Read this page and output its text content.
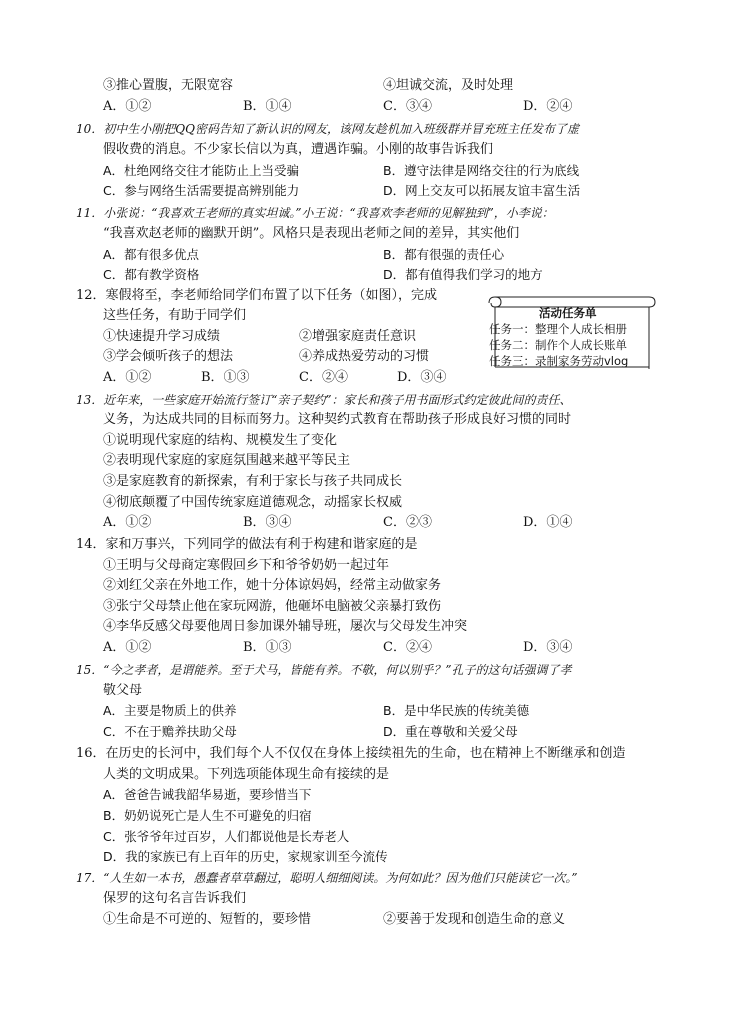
③推心置腹，无限宽容	④坦诚交流，及时处理
A．①②	B．①④	C．③④	D．②④
10．初中生小刚把QQ密码告知了新认识的网友，该网友趁机加入班级群并冒充班主任发布了虚
假收费的消息。不少家长信以为真，遭遇诈骗。小刚的故事告诉我们
A．杜绝网络交往才能防止上当受骗	B．遵守法律是网络交往的行为底线
C．参与网络生活需要提高辨别能力	D．网上交友可以拓展友谊丰富生活
11．小张说：“我喜欢王老师的真实坦诚。”小王说：“我喜欢李老师的见解独到”，小李说：
“我喜欢赵老师的幽默开朗”。风格只是表现出老师之间的差异，其实他们
A．都有很多优点	B．都有很强的责任心
C．都有教学资格	D．都有值得我们学习的地方
12．寒假将至，李老师给同学们布置了以下任务（如图），完成
这些任务，有助于同学们
①快速提升学习成绩	②增强家庭责任意识
③学会倾听孩子的想法	④养成热爱劳动的习惯
A．①②	B．①③	C．②④	D．③④
活动任务单
任务一：整理个人成长相册
任务二：制作个人成长账单
任务三：录制家务劳动vlog
13．近年来，一些家庭开始流行签订“亲子契约”：家长和孩子用书面形式约定彼此间的责任、
义务，为达成共同的目标而努力。这种契约式教育在帮助孩子形成良好习惯的同时
①说明现代家庭的结构、规模发生了变化
②表明现代家庭的家庭氛围越来越平等民主
③是家庭教育的新探索，有利于家长与孩子共同成长
④彻底颠覆了中国传统家庭道德观念，动摇家长权威
A．①②	B．③④	C．②③	D．①④
14．家和万事兴，下列同学的做法有利于构建和谐家庭的是
①王明与父母商定寒假回乡下和爷爷奶奶一起过年
②刘红父亲在外地工作，她十分体谅妈妈，经常主动做家务
③张宁父母禁止他在家玩网游，他砸坏电脑被父亲暴打致伤
④李华反感父母要他周日参加课外辅导班，屡次与父母发生冲突
A．①②	B．①③	C．②④	D．③④
15．“今之孝者，是谓能养。至于犬马，皆能有养。不敬，何以别乎？”孔子的这句话强调了孝
敬父母
A．主要是物质上的供养	B．是中华民族的传统美德
C．不在于赡养扶助父母	D．重在尊敬和关爱父母
16．在历史的长河中，我们每个人不仅仅在身体上接续祖先的生命，也在精神上不断继承和创造
人类的文明成果。下列选项能体现生命有接续的是
A．爸爸告诫我韶华易逝，要珍惜当下
B．奶奶说死亡是人生不可避免的归宿
C．张爷爷年过百岁，人们都说他是长寿老人
D．我的家族已有上百年的历史，家规家训至今流传
17．“人生如一本书，愚蠢者草草翻过，聪明人细细阅读。为何如此？因为他们只能读它一次。”
保罗的这句名言告诉我们
①生命是不可逆的、短暂的，要珍惜	②要善于发现和创造生命的意义
